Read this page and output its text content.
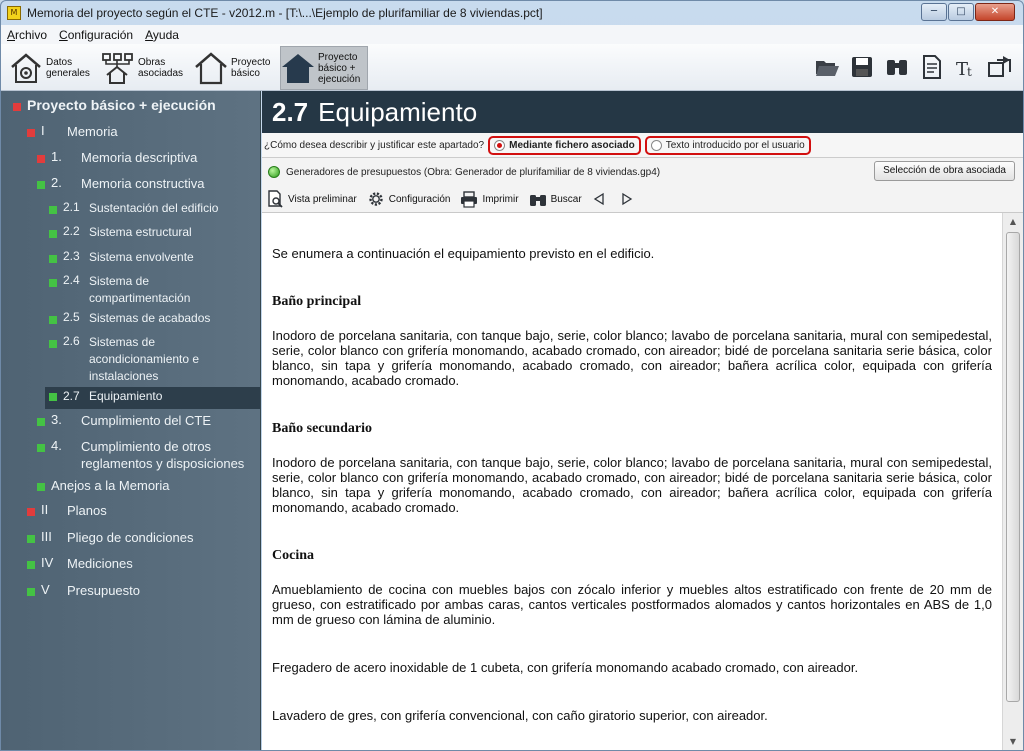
M Memoria del proyecto según el CTE - v2012.m - [T:\...\Ejemplo de plurifamiliar de 8 viviendas.pct]	─	□	✕
Archivo Configuración Ayuda
Datos
generales
Obras
asociadas
Proyecto
básico
Proyecto
básico +
ejecución	T
t
Proyecto básico + ejecución
I	Memoria
1.	Memoria descriptiva
2.	Memoria constructiva
2.1 Sustentación del edificio
2.2 Sistema estructural
2.3 Sistema envolvente
2.4 Sistema de
compartimentación
2.5 Sistemas de acabados
2.6 Sistemas de
acondicionamiento e
instalaciones
2.7 Equipamiento
3.	Cumplimiento del CTE
4.	Cumplimiento de otros
reglamentos y disposiciones
Anejos a la Memoria
II	Planos
III	Pliego de condiciones
IV	Mediciones
V	Presupuesto
2.7 Equipamiento
¿Cómo desea describir y justificar este apartado?	Mediante fichero asociado	Texto introducido por el usuario
Generadores de presupuestos (Obra: Generador de plurifamiliar de 8 viviendas.gp4)	Selección de obra asociada
Vista preliminar	Configuración	Imprimir	Buscar

Se enumera a continuación el equipamiento previsto en el edificio.

Baño principal

Inodoro de porcelana sanitaria, con tanque bajo, serie, color blanco; lavabo de porcelana sanitaria, mural con semipedestal, serie, color blanco con grifería monomando, acabado cromado, con aireador; bidé de porcelana sanitaria serie básica, color blanco, sin tapa y grifería monomando, acabado cromado, con aireador; bañera acrílica color, equipada con grifería monomando, acabado cromado.

Baño secundario

Inodoro de porcelana sanitaria, con tanque bajo, serie, color blanco; lavabo de porcelana sanitaria, mural con semipedestal, serie, color blanco con grifería monomando, acabado cromado, con aireador; bidé de porcelana sanitaria serie básica, color blanco, sin tapa y grifería monomando, acabado cromado, con aireador; bañera acrílica color, equipada con grifería monomando, acabado cromado.

Cocina

Amueblamiento de cocina con muebles bajos con zócalo inferior y muebles altos estratificado con frente de 20 mm de grueso, con estratificado por ambas caras, cantos verticales postformados alomados y cantos horizontales en ABS de 1,0 mm de grueso con lámina de aluminio.

Fregadero de acero inoxidable de 1 cubeta, con grifería monomando acabado cromado, con aireador.

Lavadero de gres, con grifería convencional, con caño giratorio superior, con aireador.

▲
▼
